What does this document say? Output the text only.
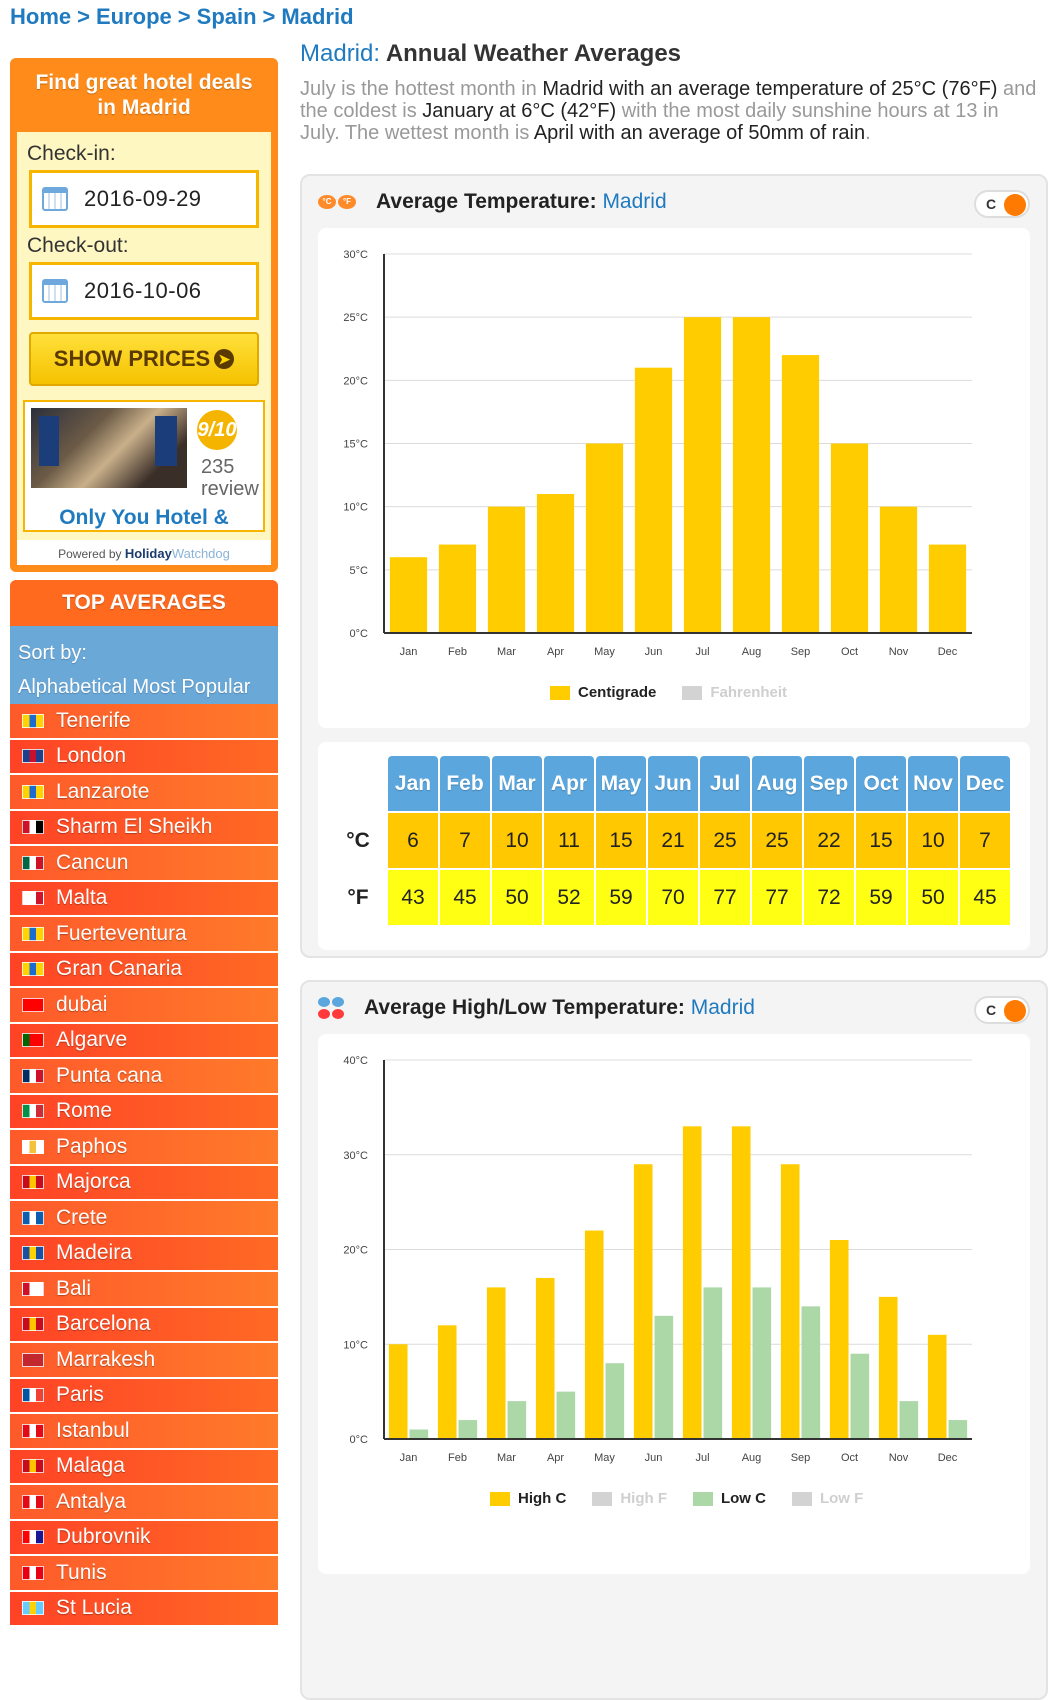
Home > Europe > Spain > Madrid
Find great hotel deals
in Madrid
Check-in:
2016-09-29
Check-out:
2016-10-06
SHOW PRICES ➤
9/10
235
review
Only You Hotel &
Powered by HolidayWatchdog
TOP AVERAGES
Sort by:
Alphabetical Most Popular
Tenerife
London
Lanzarote
Sharm El Sheikh
Cancun
Malta
Fuerteventura
Gran Canaria
dubai
Algarve
Punta cana
Rome
Paphos
Majorca
Crete
Madeira
Bali
Barcelona
Marrakesh
Paris
Istanbul
Malaga
Antalya
Dubrovnik
Tunis
St Lucia
Madrid: Annual Weather Averages
July is the hottest month in Madrid with an average temperature of 25°C (76°F) and the coldest is January at 6°C (42°F) with the most daily sunshine hours at 13 in July. The wettest month is April with an average of 50mm of rain.
°C	°F Average Temperature:
Madrid	C
0°C
5°C
10°C
15°C
20°C
25°C
30°C
Jan	Feb	Mar	Apr	May	Jun	Jul	Aug	Sep	Oct	Nov	Dec
Centigrade	Fahrenheit
	Jan	Feb	Mar	Apr	May	Jun	Jul	Aug	Sep	Oct	Nov	Dec
°C	6	7	10	11	15	21	25	25	22	15	10	7
°F	43	45	50	52	59	70	77	77	72	59	50	45
Average High/Low Temperature:
Madrid	C
0°C
10°C
20°C
30°C
40°C
Jan	Feb	Mar	Apr	May	Jun	Jul	Aug	Sep	Oct	Nov	Dec
High C	High F	Low C	Low F
